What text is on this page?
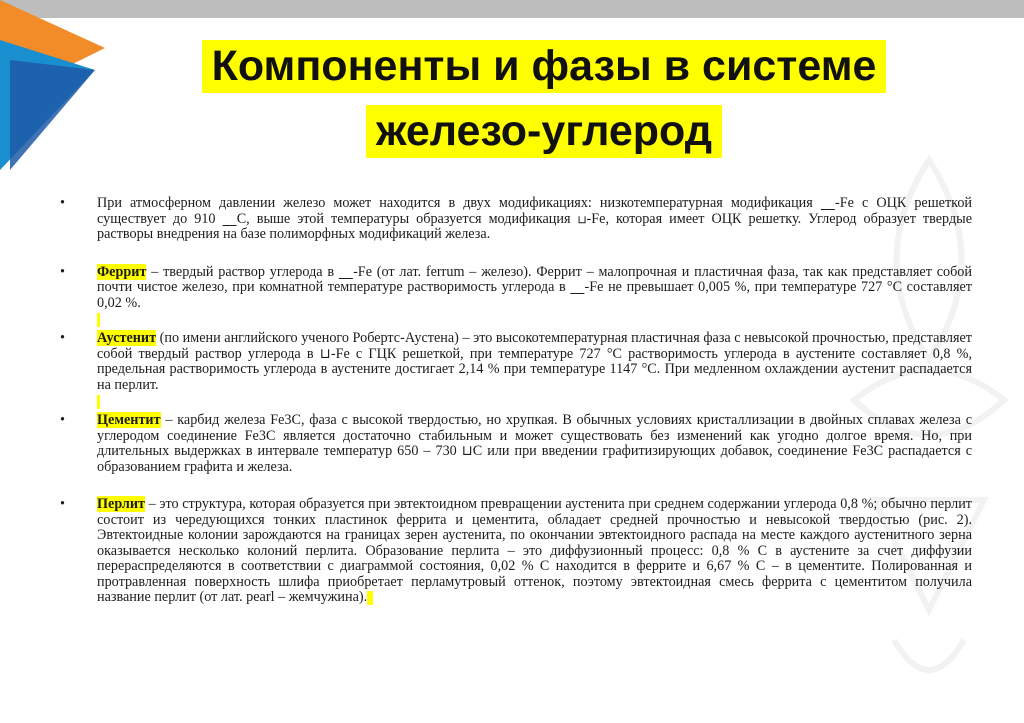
Компоненты и фазы в системе
железо-углерод
• При атмосферном давлении железо может находится в двух модификациях: низкотемпературная модификация ⎽-Fe с ОЦК решеткой существует до 910 ⎽С, выше этой температуры образуется модификация ⊔-Fe, которая имеет ОЦК решетку. Углерод образует твердые растворы внедрения на базе полиморфных модификаций железа.
• Феррит – твердый раствор углерода в ⎽-Fe (от лат. ferrum – железо). Феррит – малопрочная и пластичная фаза, так как представляет собой почти чистое железо, при комнатной температуре растворимость углерода в ⎽-Fe не превышает 0,005 %, при температуре 727 °С составляет 0,02 %.
• Аустенит (по имени английского ученого Робертс-Аустена) – это высокотемпературная пластичная фаза с невысокой прочностью, представляет собой твердый раствор углерода в ⊔-Fe с ГЦК решеткой, при температуре 727 °С растворимость углерода в аустените составляет 0,8 %, предельная растворимость углерода в аустените достигает 2,14 % при температуре 1147 °С. При медленном охлаждении аустенит распадается на перлит.
• Цементит – карбид железа Fe3C, фаза с высокой твердостью, но хрупкая. В обычных условиях кристаллизации в двойных сплавах железа с углеродом соединение Fe3C является достаточно стабильным и может существовать без изменений как угодно долгое время. Но, при длительных выдержках в интервале температур 650 – 730 ⊔С или при введении графитизирующих добавок, соединение Fe3C распадается с образованием графита и железа.
• Перлит – это структура, которая образуется при эвтектоидном превращении аустенита при среднем содержании углерода 0,8 %; обычно перлит состоит из чередующихся тонких пластинок феррита и цементита, обладает средней прочностью и невысокой твердостью (рис. 2). Эвтектоидные колонии зарождаются на границах зерен аустенита, по окончании эвтектоидного распада на месте каждого аустенитного зерна оказывается несколько колоний перлита. Образование перлита – это диффузионный процесс: 0,8 % С в аустените за счет диффузии перераспределяются в соответствии с диаграммой состояния, 0,02 % С находится в феррите и 6,67 % С – в цементите. Полированная и протравленная поверхность шлифа приобретает перламутровый оттенок, поэтому эвтектоидная смесь феррита с цементитом получила название перлит (от лат. pearl – жемчужина).
